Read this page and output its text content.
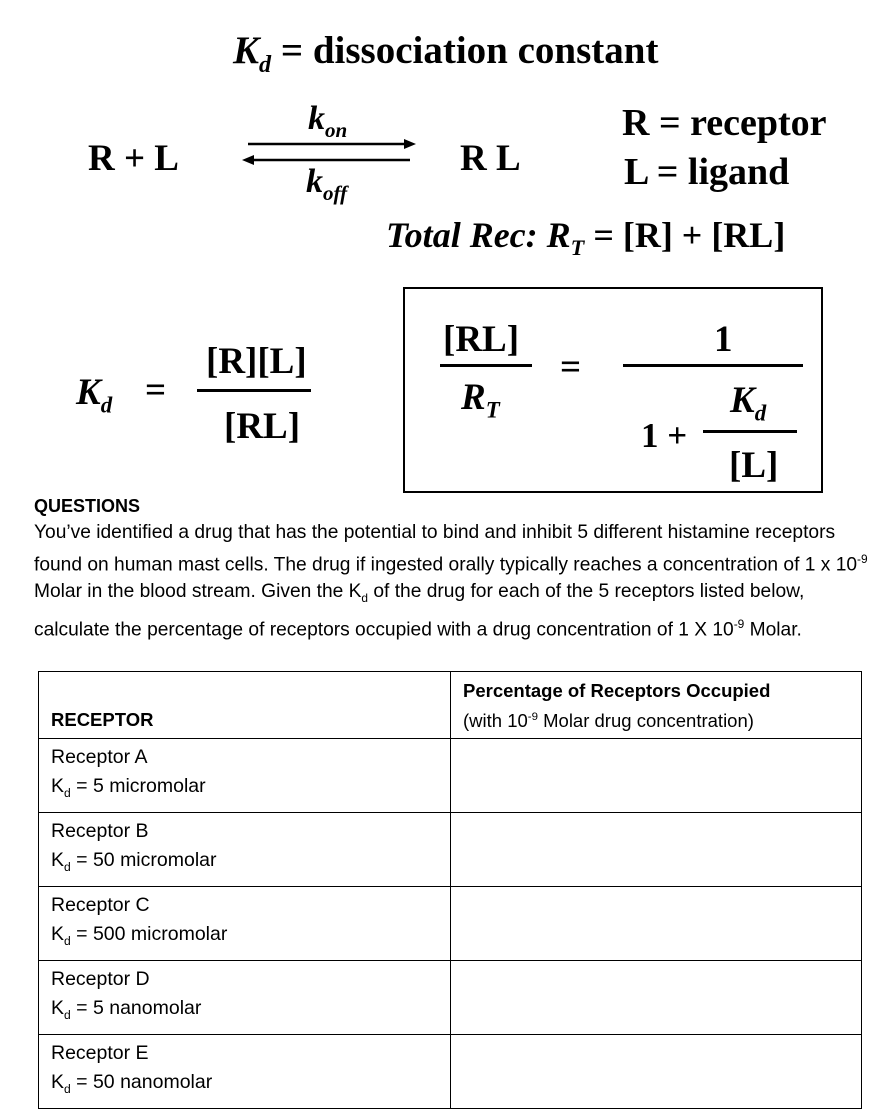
$K_d$ = dissociation constant
R + L
$k_{on}$
$k_{off}$
R L
R = receptor
L = ligand
Total Rec: $R_T = [R] + [RL]$
$K_d$ =
[R][L]
[RL]
[RL]
$R_T$
=
1
1 +
$K_d$
[L]
QUESTIONS
You’ve identified a drug that has the potential to bind and inhibit 5 different histamine receptors found on human mast cells. The drug if ingested orally typically reaches a concentration of 1 x $10^{-9}$ Molar in the blood stream. Given the $K_d$ of the drug for each of the 5 receptors listed below, calculate the percentage of receptors occupied with a drug concentration of 1 X $10^{-9}$ Molar.
RECEPTOR	Percentage of Receptors Occupied
(with $10^{-9}$ Molar drug concentration)
Receptor A
$K_d = 5$ micromolar	
Receptor B
$K_d = 50$ micromolar	
Receptor C
$K_d = 500$ micromolar	
Receptor D
$K_d = 5$ nanomolar	
Receptor E
$K_d = 50$ nanomolar	
